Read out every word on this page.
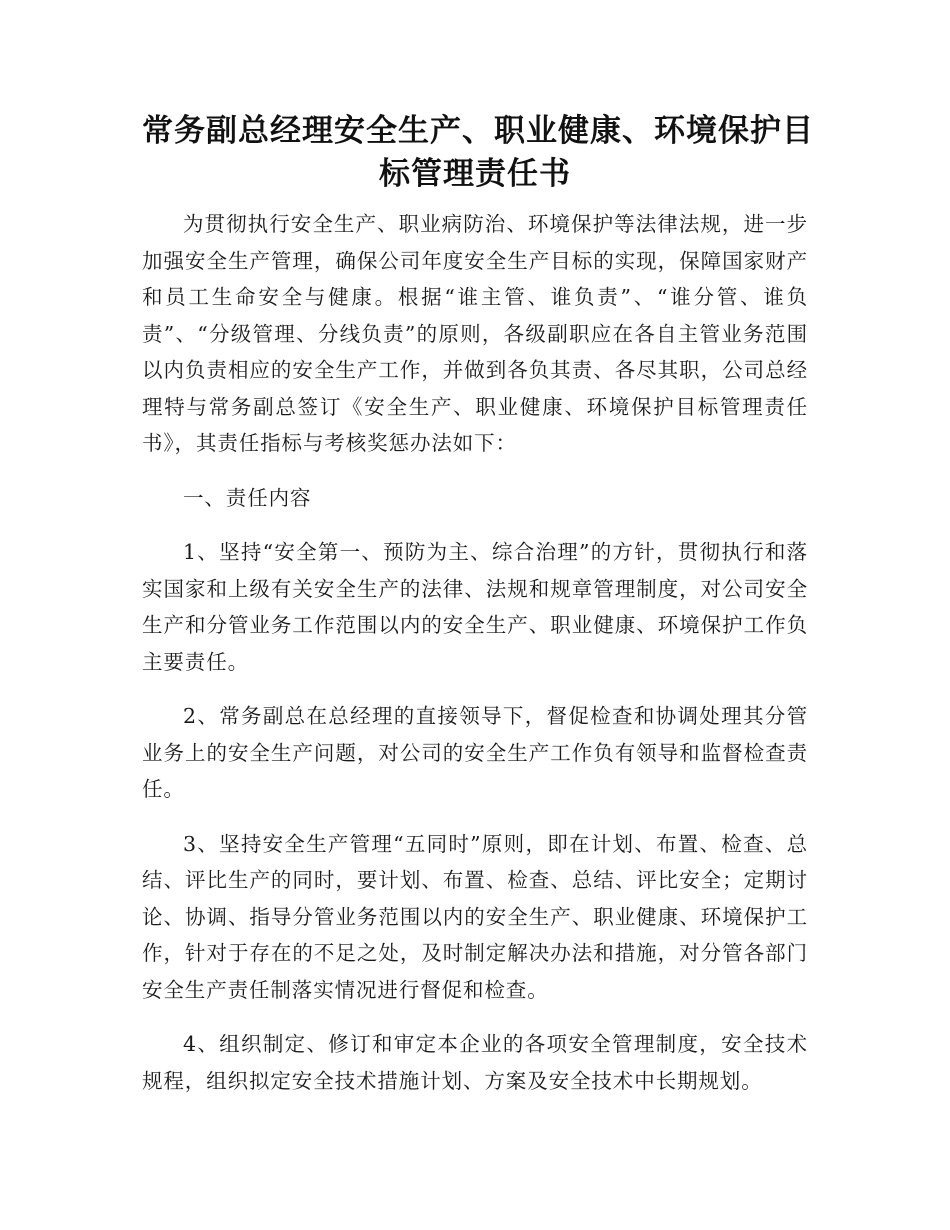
常务副总经理安全生产、职业健康、环境保护目
标管理责任书

为贯彻执行安全生产、职业病防治、环境保护等法律法规，进一步加强安全生产管理，确保公司年度安全生产目标的实现，保障国家财产和员工生命安全与健康。根据“谁主管、谁负责”、“谁分管、谁负责”、“分级管理、分线负责”的原则，各级副职应在各自主管业务范围以内负责相应的安全生产工作，并做到各负其责、各尽其职，公司总经理特与常务副总签订《安全生产、职业健康、环境保护目标管理责任书》，其责任指标与考核奖惩办法如下：

一、责任内容

1、坚持“安全第一、预防为主、综合治理”的方针，贯彻执行和落实国家和上级有关安全生产的法律、法规和规章管理制度，对公司安全生产和分管业务工作范围以内的安全生产、职业健康、环境保护工作负主要责任。

2、常务副总在总经理的直接领导下，督促检查和协调处理其分管业务上的安全生产问题，对公司的安全生产工作负有领导和监督检查责任。

3、坚持安全生产管理“五同时”原则，即在计划、布置、检查、总结、评比生产的同时，要计划、布置、检查、总结、评比安全；定期讨论、协调、指导分管业务范围以内的安全生产、职业健康、环境保护工作，针对于存在的不足之处，及时制定解决办法和措施，对分管各部门安全生产责任制落实情况进行督促和检查。

4、组织制定、修订和审定本企业的各项安全管理制度，安全技术规程，组织拟定安全技术措施计划、方案及安全技术中长期规划。
